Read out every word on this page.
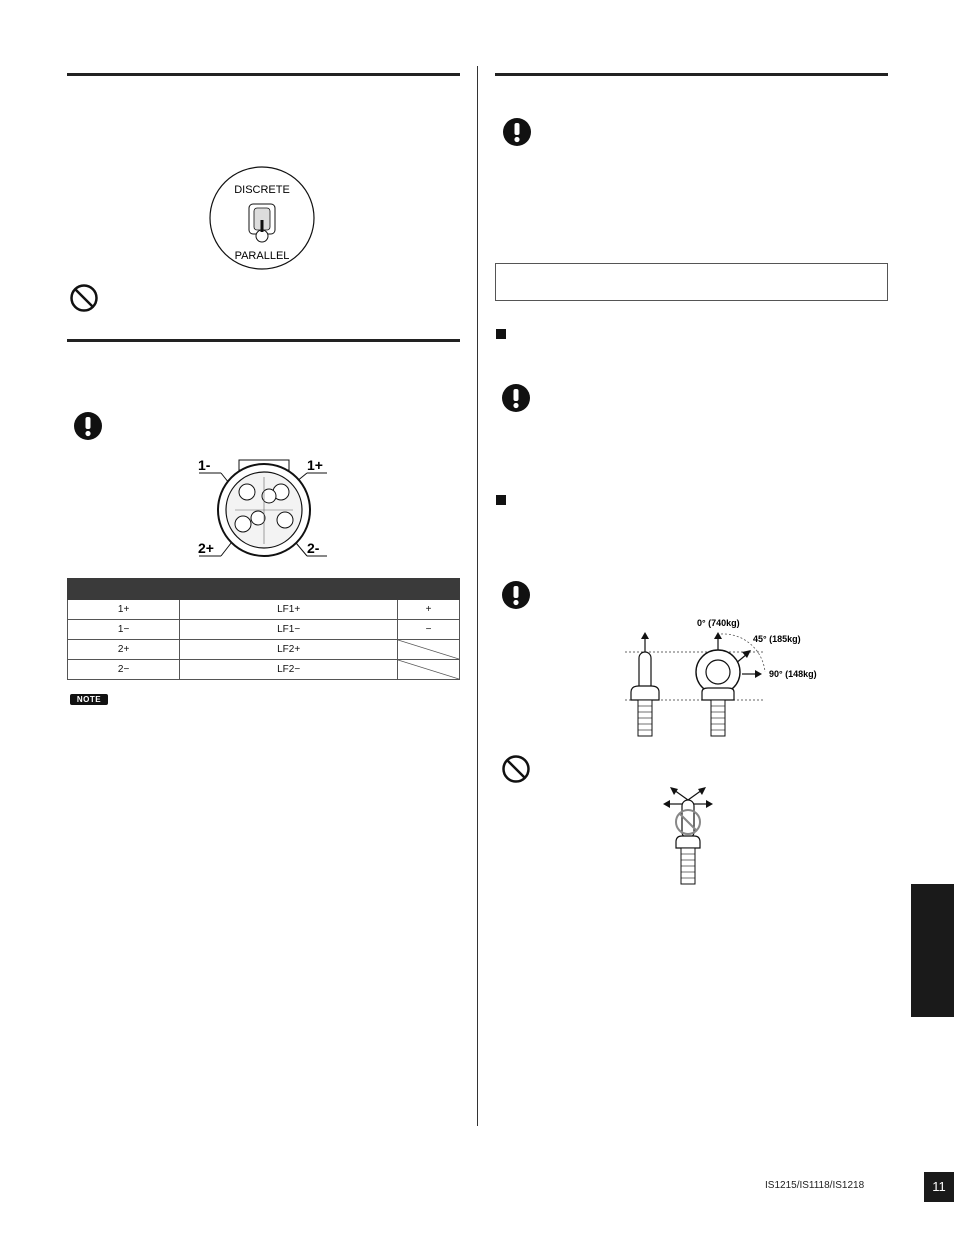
DISCRETE
PARALLEL
1-	1+
2+	2-

1+	LF1+	+
1−	LF1−	−
2+	LF2+	

2−	LF2−	
NOTE
0° (740kg)
45° (185kg)
90° (148kg)
IS1215/IS1118/IS1218	11
